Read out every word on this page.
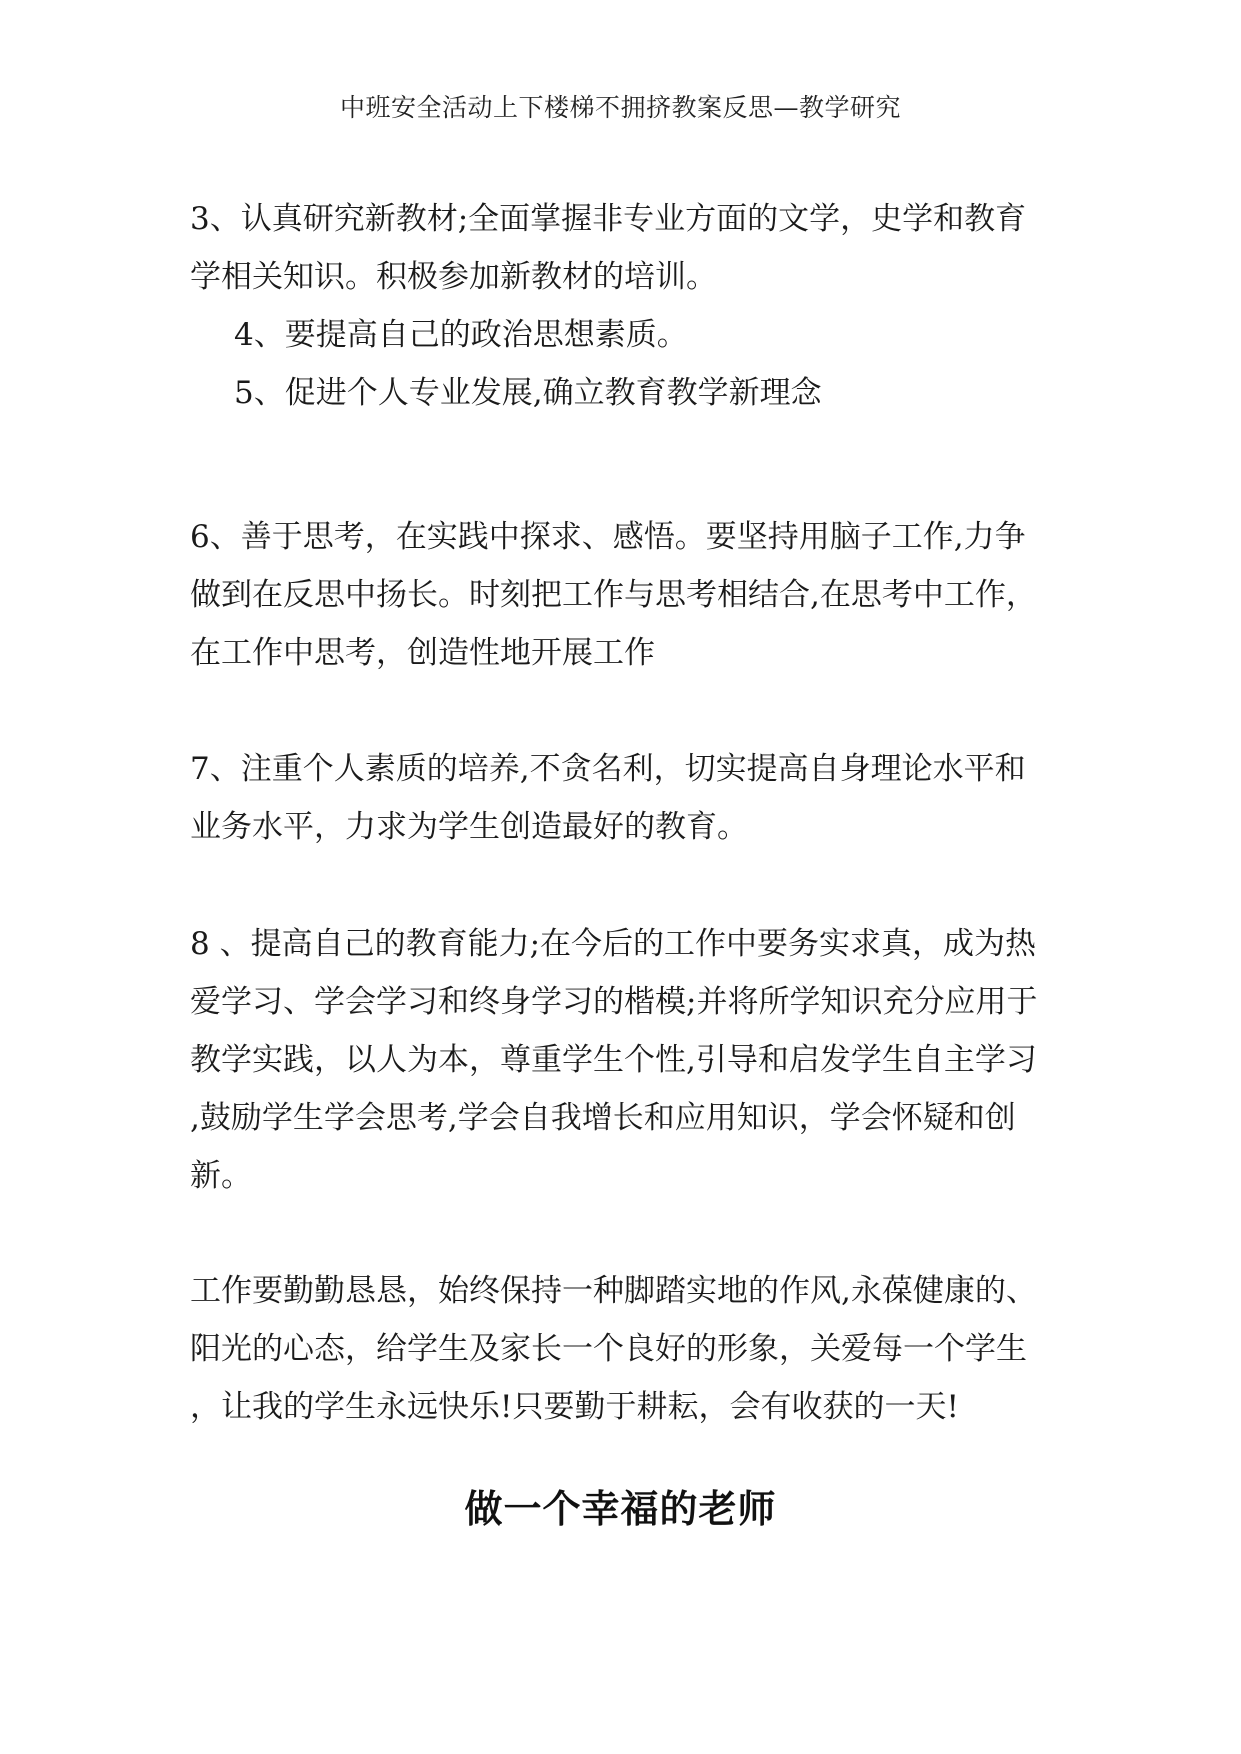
中班安全活动上下楼梯不拥挤教案反思—教学研究
3、认真研究新教材;全面掌握非专业方面的文学，史学和教育
学相关知识。积极参加新教材的培训。
4、要提高自己的政治思想素质。
5、促进个人专业发展,确立教育教学新理念
6、善于思考，在实践中探求、感悟。要坚持用脑子工作,力争
做到在反思中扬长。时刻把工作与思考相结合,在思考中工作，
在工作中思考，创造性地开展工作
7、注重个人素质的培养,不贪名利，切实提高自身理论水平和
业务水平，力求为学生创造最好的教育。
8 、提高自己的教育能力;在今后的工作中要务实求真，成为热
爱学习、学会学习和终身学习的楷模;并将所学知识充分应用于
教学实践，以人为本，尊重学生个性,引导和启发学生自主学习
,鼓励学生学会思考,学会自我增长和应用知识，学会怀疑和创
新。
工作要勤勤恳恳，始终保持一种脚踏实地的作风,永葆健康的、
阳光的心态，给学生及家长一个良好的形象，关爱每一个学生
，让我的学生永远快乐!只要勤于耕耘，会有收获的一天!
做一个幸福的老师
